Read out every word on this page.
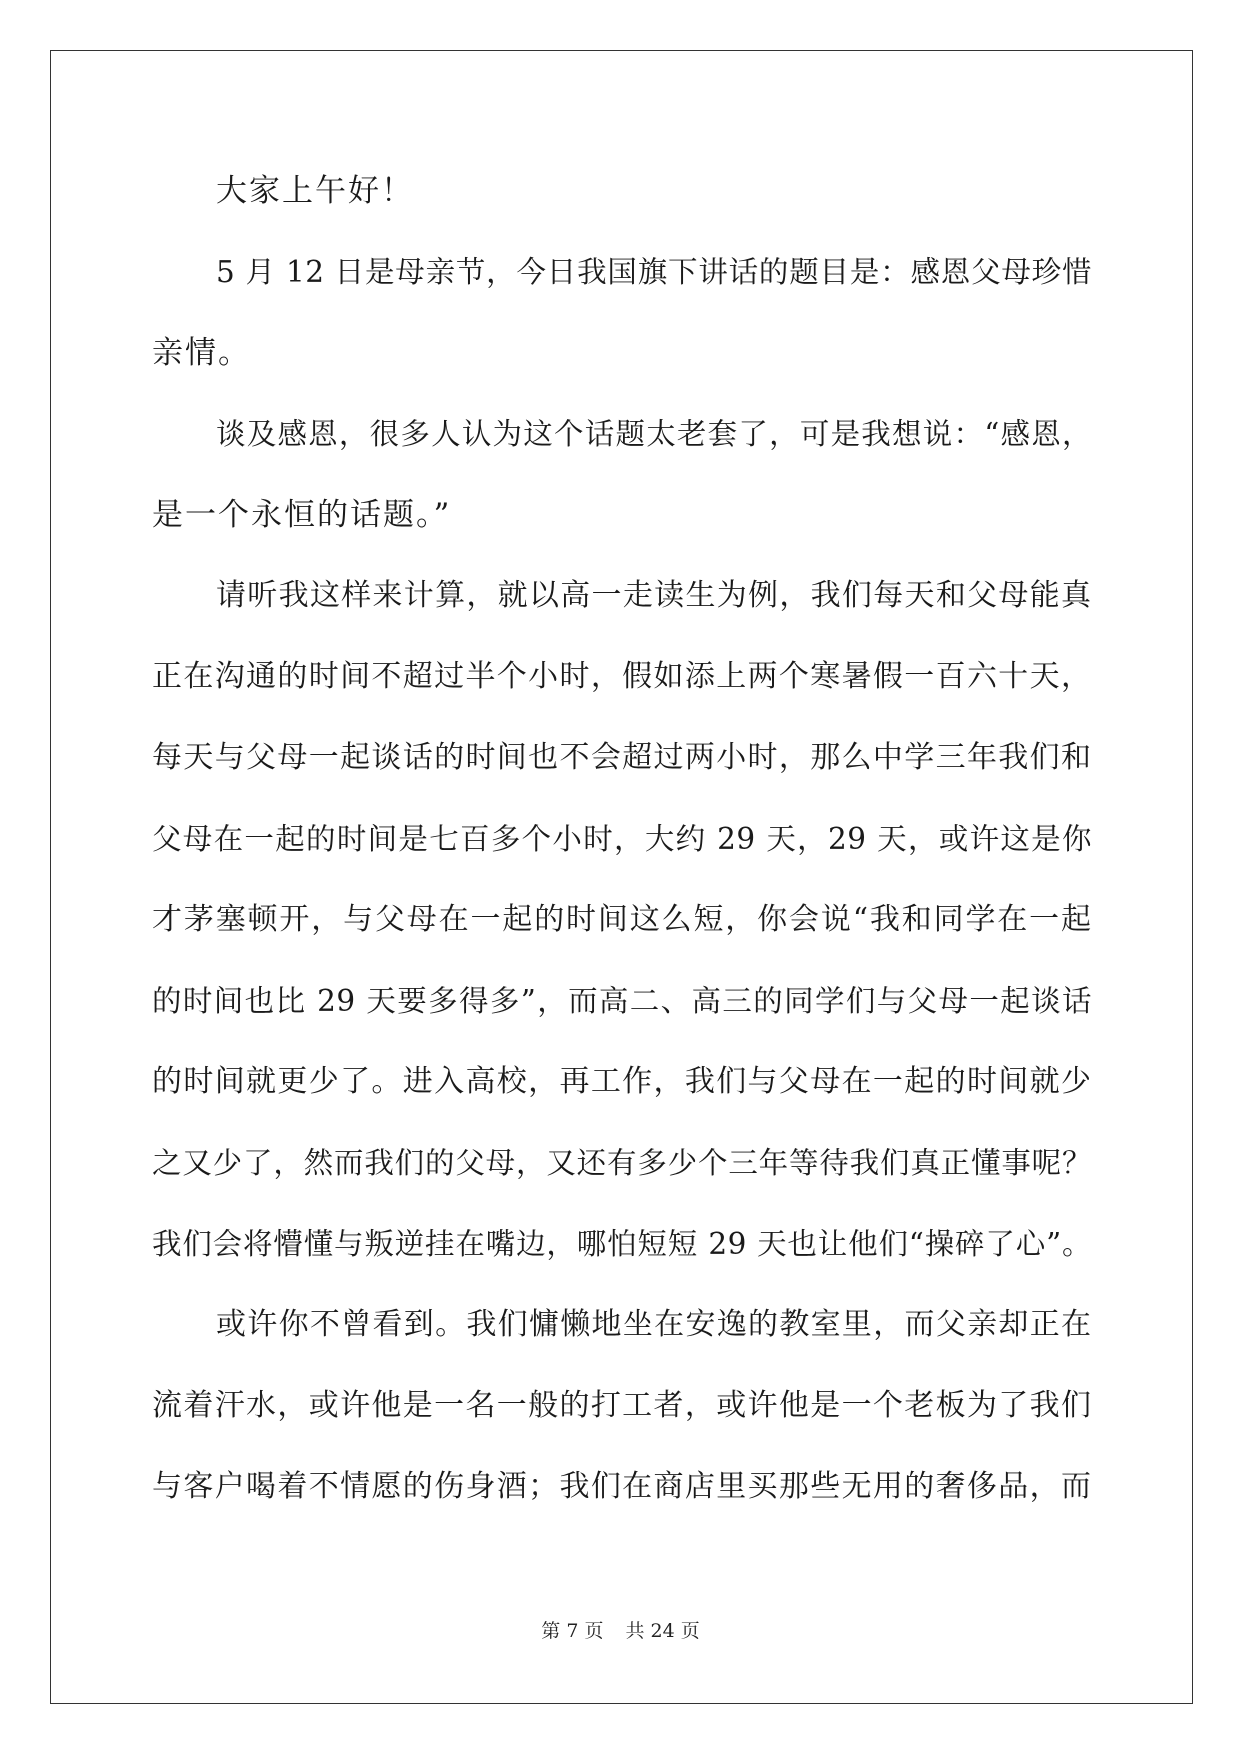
大家上午好！
5 月 12 日是母亲节，今日我国旗下讲话的题目是：感恩父母珍惜
亲情。
谈及感恩，很多人认为这个话题太老套了，可是我想说：“感恩，
是一个永恒的话题。”
请听我这样来计算，就以高一走读生为例，我们每天和父母能真
正在沟通的时间不超过半个小时，假如添上两个寒暑假一百六十天，
每天与父母一起谈话的时间也不会超过两小时，那么中学三年我们和
父母在一起的时间是七百多个小时，大约 29 天，29 天，或许这是你
才茅塞顿开，与父母在一起的时间这么短，你会说“我和同学在一起
的时间也比 29 天要多得多”，而高二、高三的同学们与父母一起谈话
的时间就更少了。进入高校，再工作，我们与父母在一起的时间就少
之又少了，然而我们的父母，又还有多少个三年等待我们真正懂事呢？
我们会将懵懂与叛逆挂在嘴边，哪怕短短 29 天也让他们“操碎了心”。
或许你不曾看到。我们慵懒地坐在安逸的教室里，而父亲却正在
流着汗水，或许他是一名一般的打工者，或许他是一个老板为了我们
与客户喝着不情愿的伤身酒；我们在商店里买那些无用的奢侈品，而
第 7 页 共 24 页
